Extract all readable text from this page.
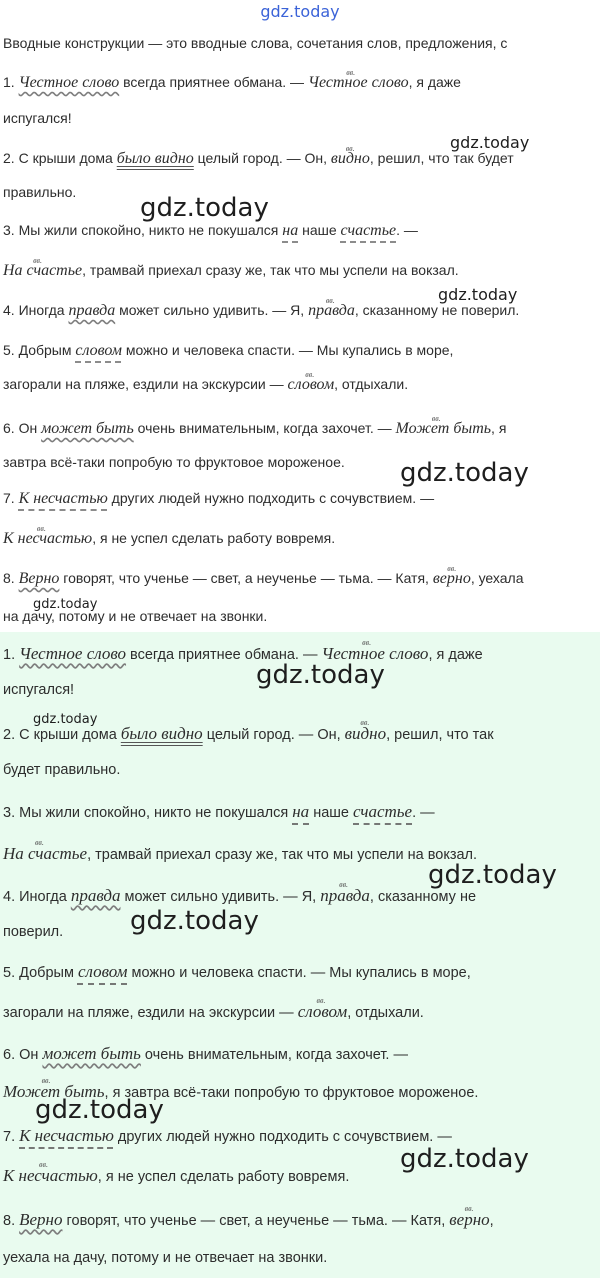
gdz.today
Вводные конструкции — это вводные слова, сочетания слов, предложения, с
1. Честное слово всегда приятнее обмана. — вв. Честное слово, я даже
испугался!
2. С крыши дома было видно целый город. — Он, вв. видно, решил, что так будет
правильно.
3. Мы жили спокойно, никто не покушался на наше счастье. —
вв. На счастье, трамвай приехал сразу же, так что мы успели на вокзал.
4. Иногда правда может сильно удивить. — Я, вв. правда, сказанному не поверил.
5. Добрым словом можно и человека спасти. — Мы купались в море,
загорали на пляже, ездили на экскурсии — вв. словом, отдыхали.
6. Он может быть очень внимательным, когда захочет. — вв. Может быть, я
завтра всё-таки попробую то фруктовое мороженое.
7. К несчастью других людей нужно подходить с сочувствием. —
вв. К несчастью, я не успел сделать работу вовремя.
8. Верно говорят, что ученье — свет, а неученье — тьма. — Катя, вв. верно, уехала
на дачу, потому и не отвечает на звонки.
1. Честное слово всегда приятнее обмана. — вв. Честное слово, я даже
испугался!
2. С крыши дома было видно целый город. — Он, вв. видно, решил, что так
будет правильно.
3. Мы жили спокойно, никто не покушался на наше счастье. —
вв. На счастье, трамвай приехал сразу же, так что мы успели на вокзал.
4. Иногда правда может сильно удивить. — Я, вв. правда, сказанному не
поверил.
5. Добрым словом можно и человека спасти. — Мы купались в море,
загорали на пляже, ездили на экскурсии — вв. словом, отдыхали.
6. Он может быть очень внимательным, когда захочет. —
вв. Может быть, я завтра всё-таки попробую то фруктовое мороженое.
7. К несчастью других людей нужно подходить с сочувствием. —
вв. К несчастью, я не успел сделать работу вовремя.
8. Верно говорят, что ученье — свет, а неученье — тьма. — Катя, вв. верно,
уехала на дачу, потому и не отвечает на звонки.
gdz.today
gdz.today
gdz.today
gdz.today
gdz.today
gdz.today
gdz.today
gdz.today
gdz.today
gdz.today
gdz.today
